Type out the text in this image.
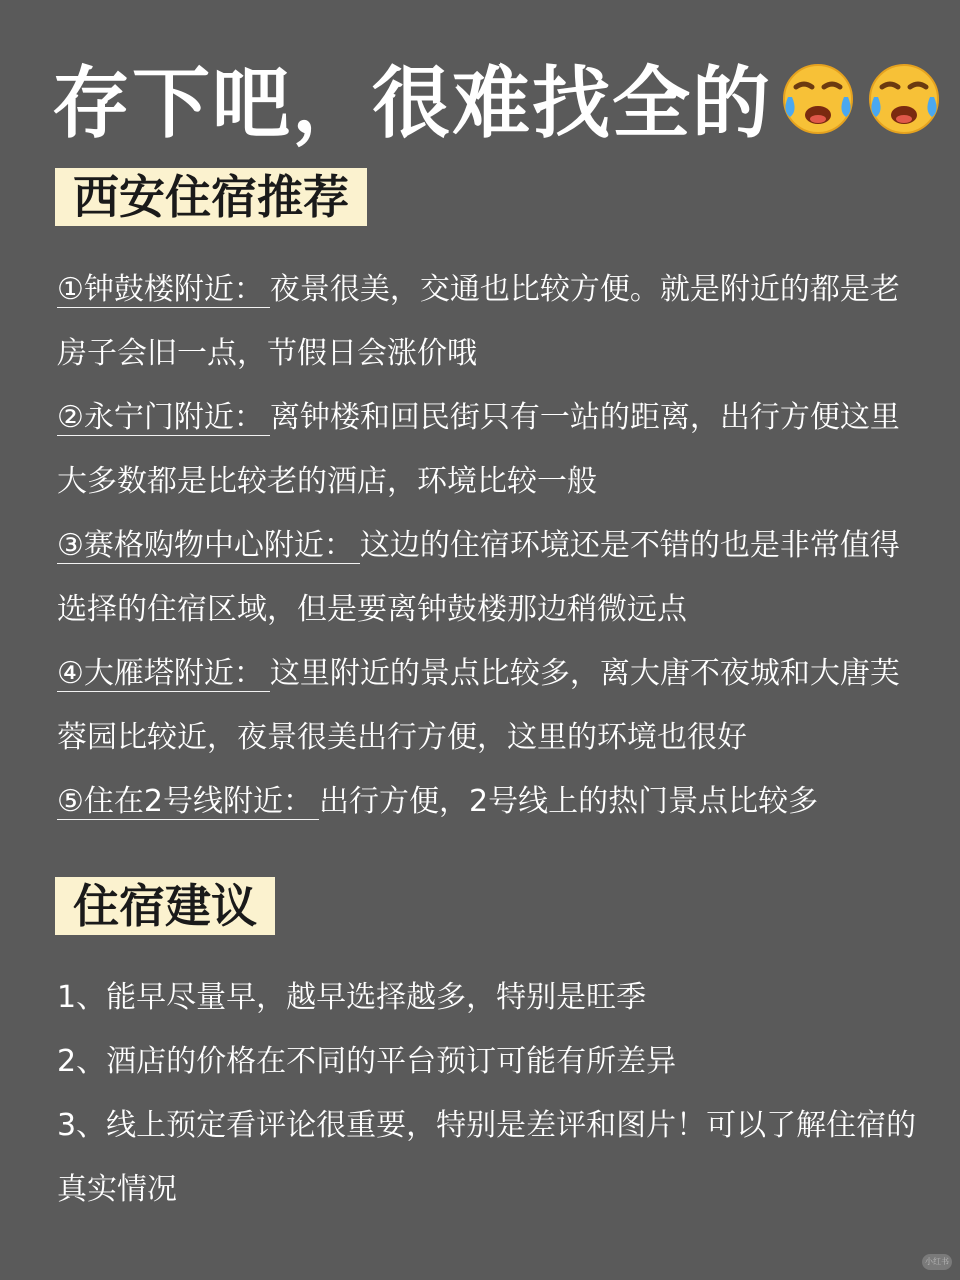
存下吧，很难找全的
西安住宿推荐

①钟鼓楼附近： 夜景很美，交通也比较方便。就是附近的都是老房子会旧一点，节假日会涨价哦

②永宁门附近： 离钟楼和回民街只有一站的距离，出行方便这里大多数都是比较老的酒店，环境比较一般

③赛格购物中心附近： 这边的住宿环境还是不错的也是非常值得选择的住宿区域，但是要离钟鼓楼那边稍微远点

④大雁塔附近： 这里附近的景点比较多，离大唐不夜城和大唐芙蓉园比较近，夜景很美出行方便，这里的环境也很好

⑤住在2号线附近： 出行方便，2号线上的热门景点比较多

住宿建议

1、能早尽量早，越早选择越多，特别是旺季

2、酒店的价格在不同的平台预订可能有所差异

3、线上预定看评论很重要，特别是差评和图片！可以了解住宿的真实情况

小红书
